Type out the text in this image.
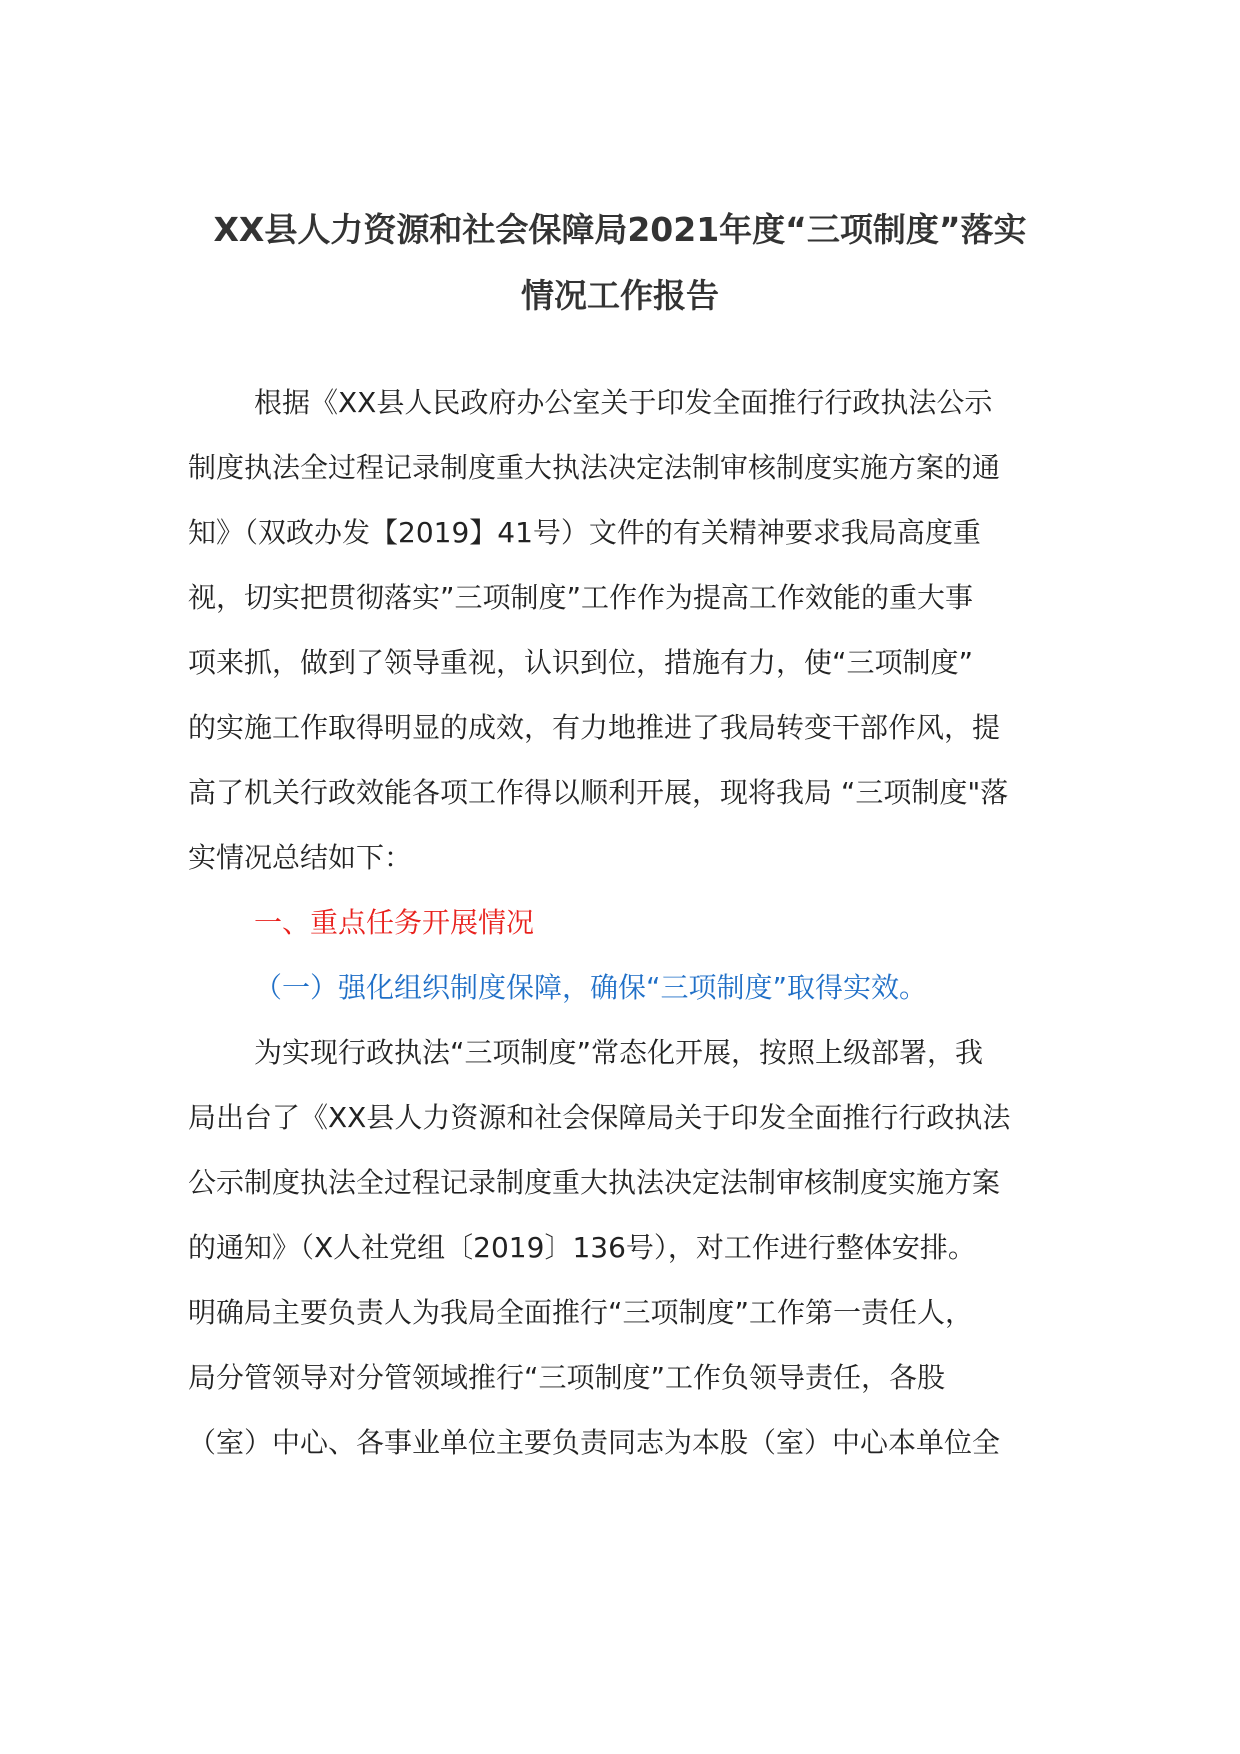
XX县人力资源和社会保障局2021年度“三项制度”落实
情况工作报告
根据《XX县人民政府办公室关于印发全面推行行政执法公示
制度执法全过程记录制度重大执法决定法制审核制度实施方案的通
知》（双政办发【2019】41号）文件的有关精神要求我局高度重
视，切实把贯彻落实”三项制度”工作作为提高工作效能的重大事
项来抓，做到了领导重视，认识到位，措施有力，使“三项制度”
的实施工作取得明显的成效，有力地推进了我局转变干部作风，提
高了机关行政效能各项工作得以顺利开展，现将我局 “三项制度"落
实情况总结如下：
一、重点任务开展情况
（一）强化组织制度保障，确保“三项制度”取得实效。
为实现行政执法“三项制度”常态化开展，按照上级部署，我
局出台了《XX县人力资源和社会保障局关于印发全面推行行政执法
公示制度执法全过程记录制度重大执法决定法制审核制度实施方案
的通知》（X人社党组〔2019〕136号），对工作进行整体安排。
明确局主要负责人为我局全面推行“三项制度”工作第一责任人，
局分管领导对分管领域推行“三项制度”工作负领导责任，各股
（室）中心、各事业单位主要负责同志为本股（室）中心本单位全
